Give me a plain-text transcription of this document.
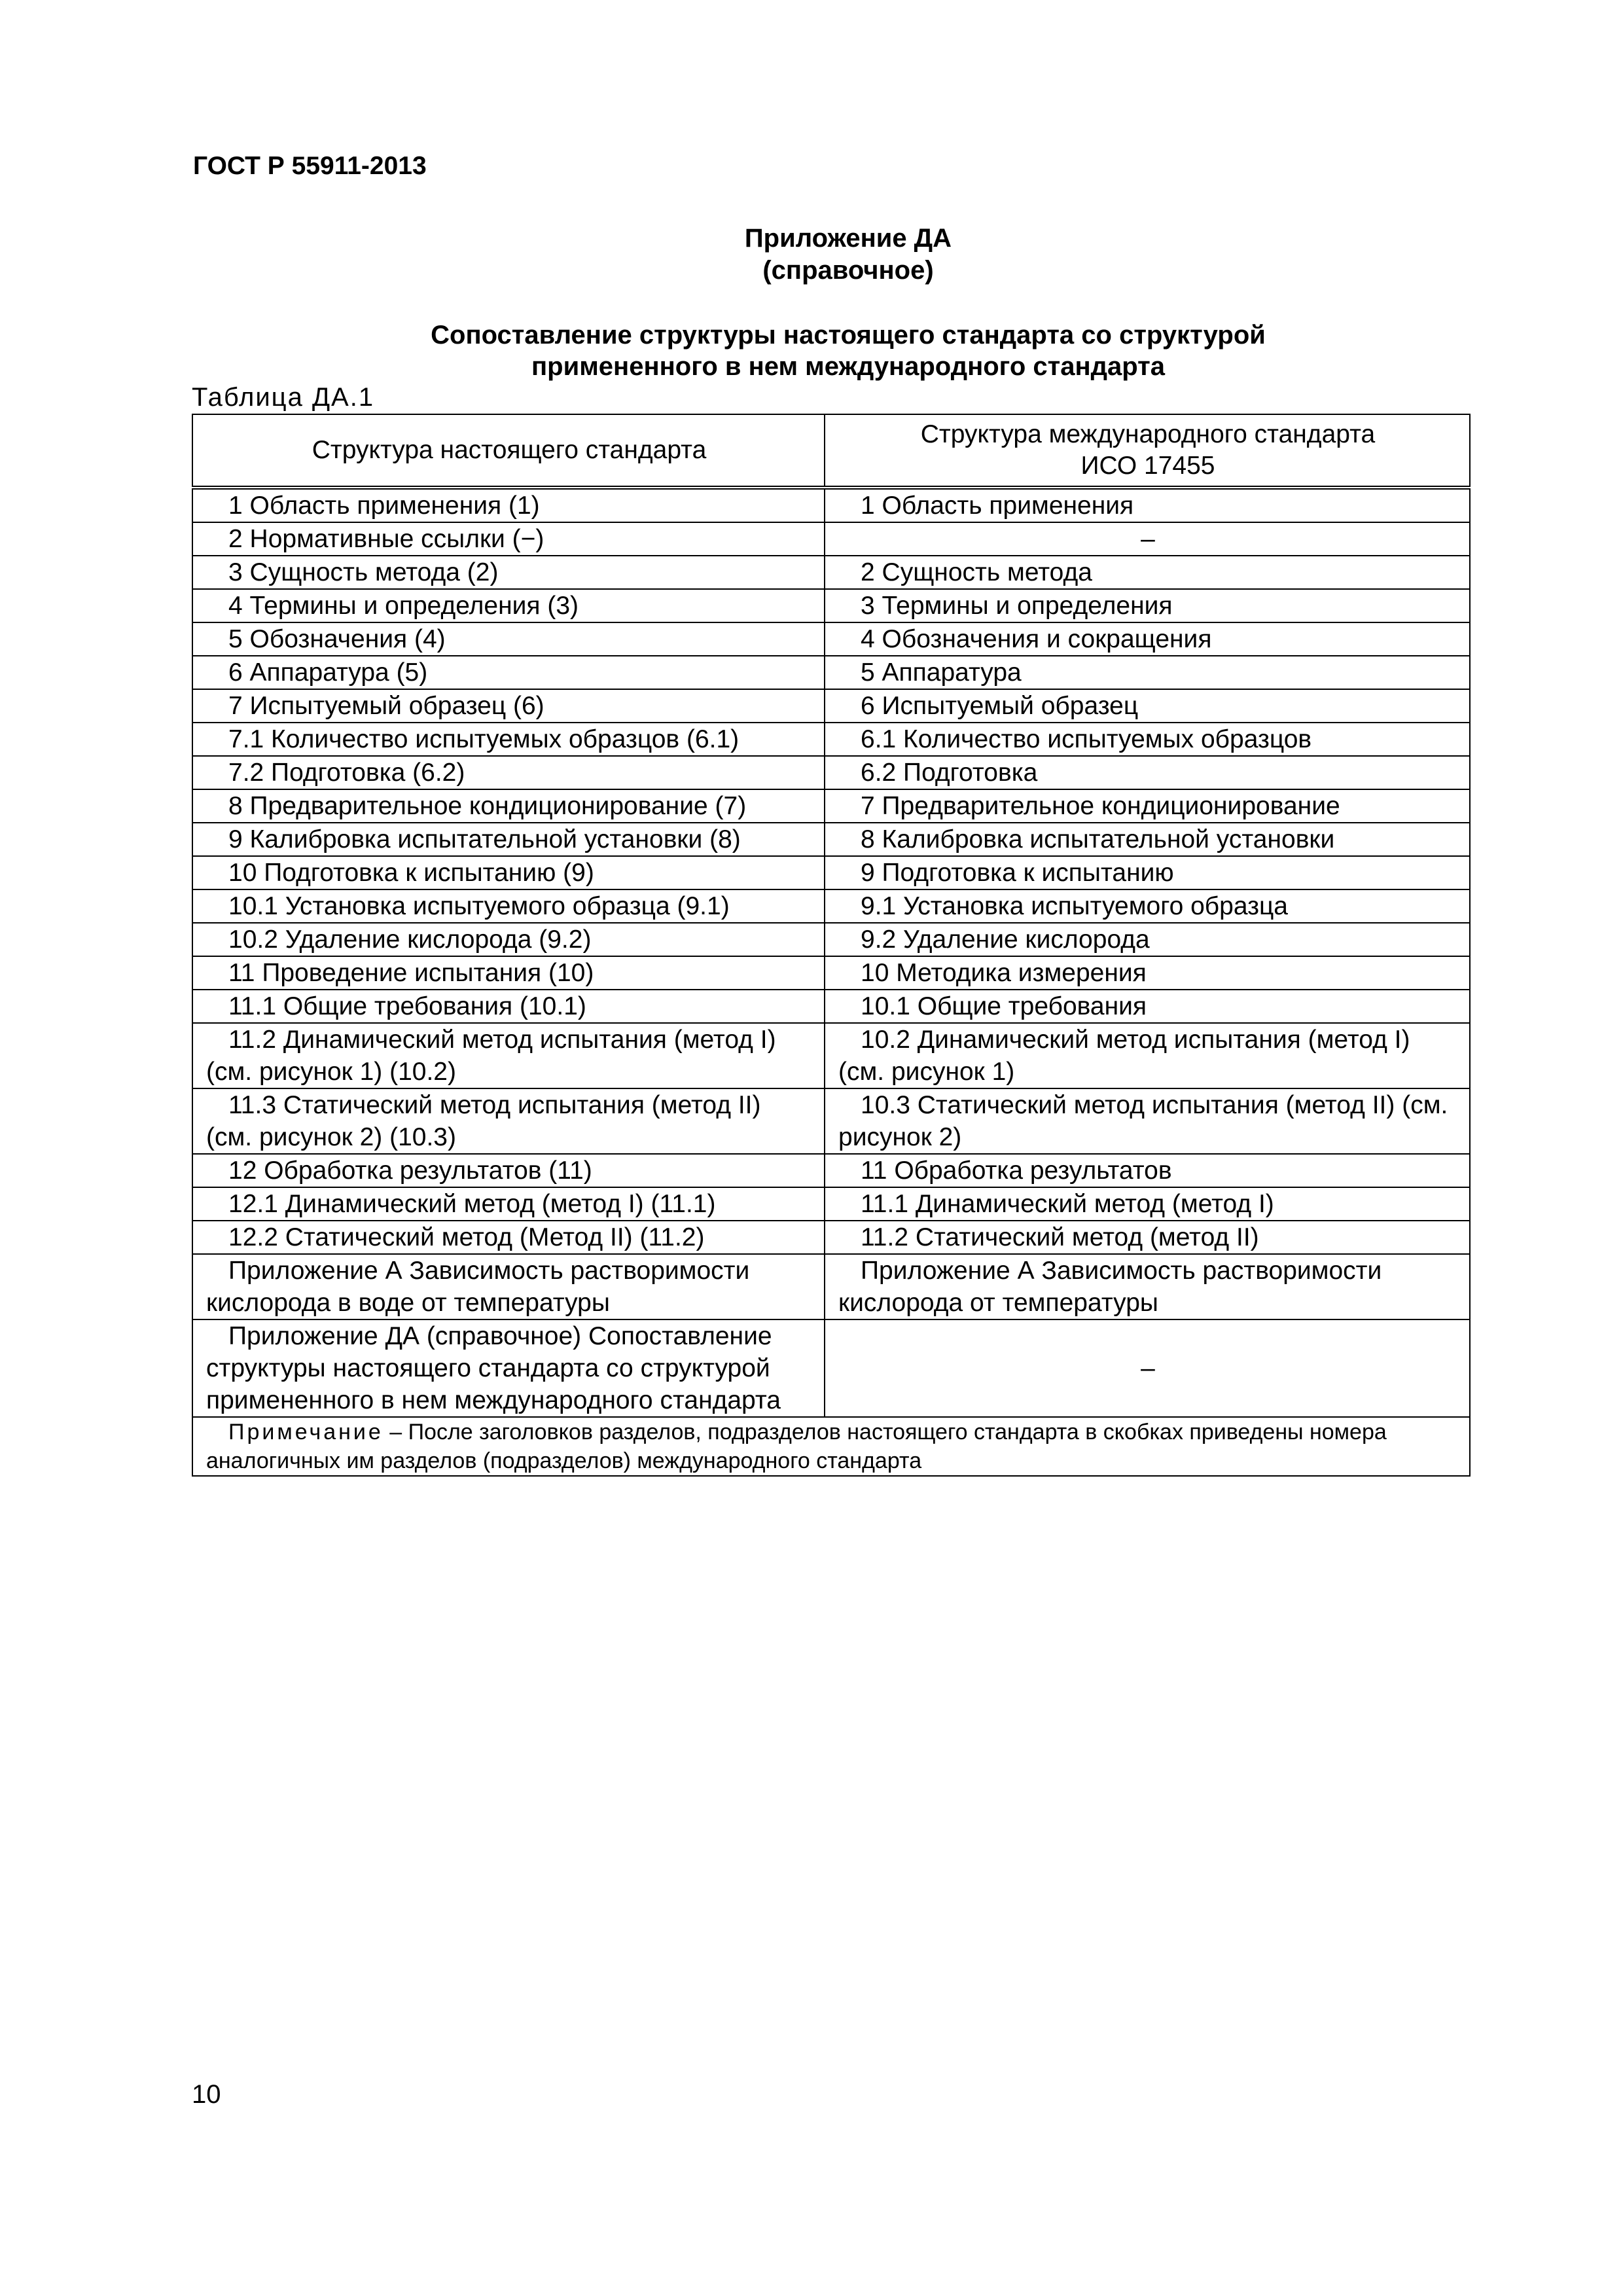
ГОСТ Р 55911-2013
Приложение ДА
(справочное)
Сопоставление структуры настоящего стандарта со структурой
примененного в нем международного стандарта
Таблица ДА.1
Структура настоящего стандарта	Структура международного стандарта
ИСО 17455

1 Область применения (1)	1 Область применения
2 Нормативные ссылки (−)	–
3 Сущность метода (2)	2 Сущность метода
4 Термины и определения (3)	3 Термины и определения
5 Обозначения (4)	4 Обозначения и сокращения
6 Аппаратура (5)	5 Аппаратура
7 Испытуемый образец (6)	6 Испытуемый образец
7.1 Количество испытуемых образцов (6.1)	6.1 Количество испытуемых образцов
7.2 Подготовка (6.2)	6.2 Подготовка
8 Предварительное кондиционирование (7)	7 Предварительное кондиционирование
9 Калибровка испытательной установки (8)	8 Калибровка испытательной установки
10 Подготовка к испытанию (9)	9 Подготовка к испытанию
10.1 Установка испытуемого образца (9.1)	9.1 Установка испытуемого образца
10.2 Удаление кислорода (9.2)	9.2 Удаление кислорода
11 Проведение испытания (10)	10 Методика измерения
11.1 Общие требования (10.1)	10.1 Общие требования
11.2 Динамический метод испытания (метод I) (см. рисунок 1) (10.2)	10.2 Динамический метод испытания (метод I) (см. рисунок 1)
11.3 Статический метод испытания (метод II) (см. рисунок 2) (10.3)	10.3 Статический метод испытания (метод II) (см. рисунок 2)
12 Обработка результатов (11)	11 Обработка результатов
12.1 Динамический метод (метод I) (11.1)	11.1 Динамический метод (метод I)
12.2 Статический метод (Метод II) (11.2)	11.2 Статический метод (метод II)
Приложение А Зависимость растворимости кислорода в воде от температуры	Приложение А Зависимость растворимости кислорода от температуры
Приложение ДА (справочное) Сопоставление структуры настоящего стандарта со структурой примененного в нем международного стандарта	–
Примечание – После заголовков разделов, подразделов настоящего стандарта в скобках приведены номера аналогичных им разделов (подразделов) международного стандарта	
10
